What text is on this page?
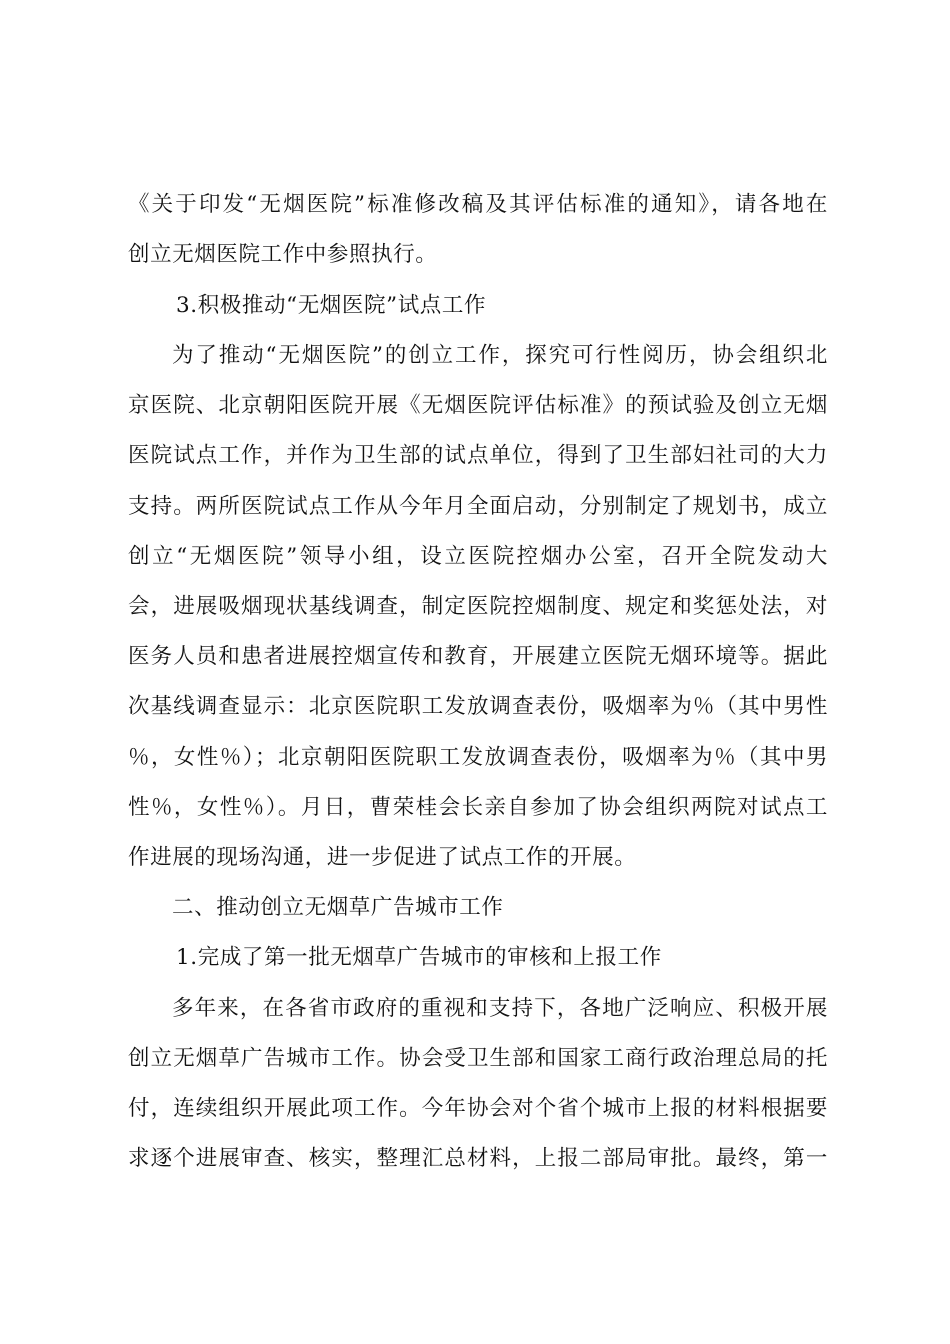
《关于印发“无烟医院”标准修改稿及其评估标准的通知》，请各地在
创立无烟医院工作中参照执行。
3.积极推动“无烟医院”试点工作
为了推动“无烟医院”的创立工作，探究可行性阅历，协会组织北
京医院、北京朝阳医院开展《无烟医院评估标准》的预试验及创立无烟
医院试点工作，并作为卫生部的试点单位，得到了卫生部妇社司的大力
支持。两所医院试点工作从今年月全面启动，分别制定了规划书，成立
创立“无烟医院”领导小组，设立医院控烟办公室，召开全院发动大
会，进展吸烟现状基线调查，制定医院控烟制度、规定和奖惩处法，对
医务人员和患者进展控烟宣传和教育，开展建立医院无烟环境等。据此
次基线调查显示：北京医院职工发放调查表份，吸烟率为％（其中男性
％，女性％）；北京朝阳医院职工发放调查表份，吸烟率为％（其中男
性％，女性％）。月日，曹荣桂会长亲自参加了协会组织两院对试点工
作进展的现场沟通，进一步促进了试点工作的开展。
二、推动创立无烟草广告城市工作
1.完成了第一批无烟草广告城市的审核和上报工作
多年来，在各省市政府的重视和支持下，各地广泛响应、积极开展
创立无烟草广告城市工作。协会受卫生部和国家工商行政治理总局的托
付，连续组织开展此项工作。今年协会对个省个城市上报的材料根据要
求逐个进展审查、核实，整理汇总材料，上报二部局审批。最终，第一
